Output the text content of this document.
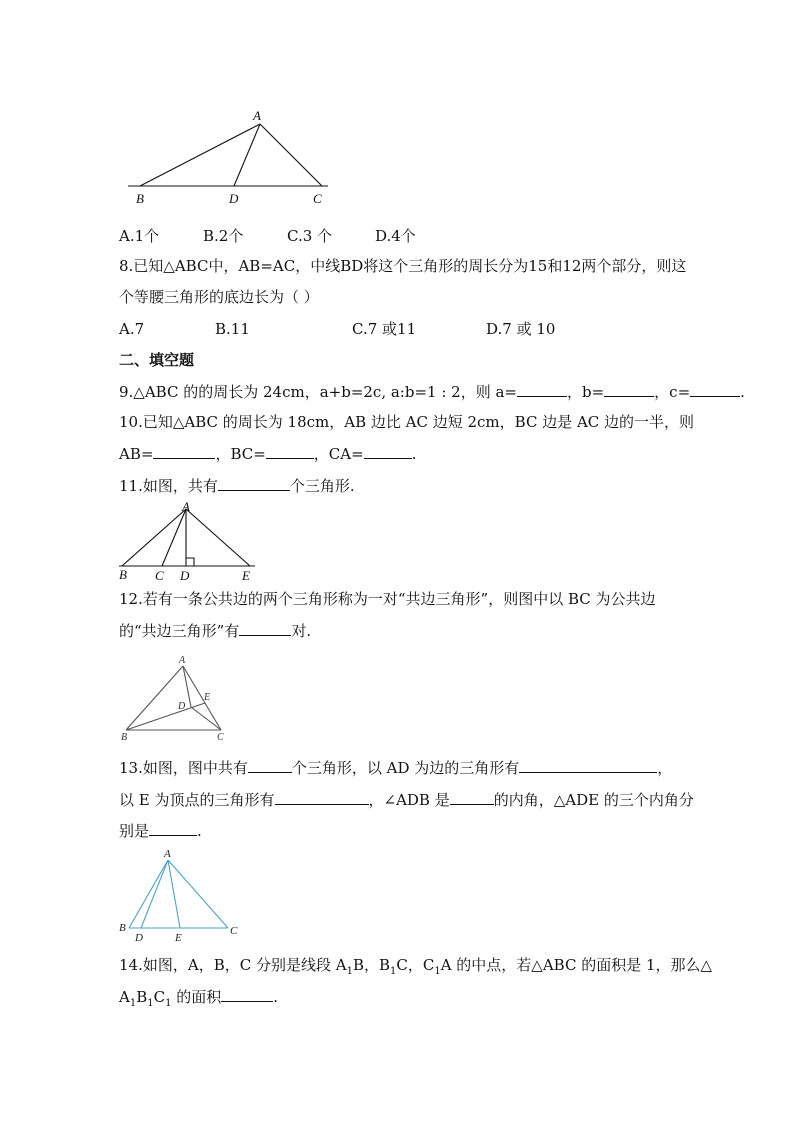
A
B	D	C
A.1个	B.2个	C.3 个	D.4个
8.已知△ABC中，AB=AC，中线BD将这个三角形的周长分为15和12两个部分，则这
个等腰三角形的底边长为（ ）
A.7	B.11	C.7 或11	D.7 或 10
二、填空题
9.△ABC 的的周长为 24cm，a+b=2c, a:b=1 : 2，则 a=	，b=	，c=	.
10.已知△ABC 的周长为 18cm，AB 边比 AC 边短 2cm，BC 边是 AC 边的一半，则
AB=	，BC=	，CA=	.
11.如图，共有	个三角形.
A
B C D	E
12.若有一条公共边的两个三角形称为一对“共边三角形”，则图中以 BC 为公共边
的“共边三角形”有	对.
A
B	C
D
E
13.如图，图中共有	个三角形，以 AD 为边的三角形有	，
以 E 为顶点的三角形有	，∠ADB 是	的内角，△ADE 的三个内角分
别是	.
A
B
D	E
C
14.如图，A，B，C 分别是线段 $A_1B$，$B_1C$，$C_1A$ 的中点，若△ABC 的面积是 1，那么△
$A_1B_1C_1$ 的面积	.
